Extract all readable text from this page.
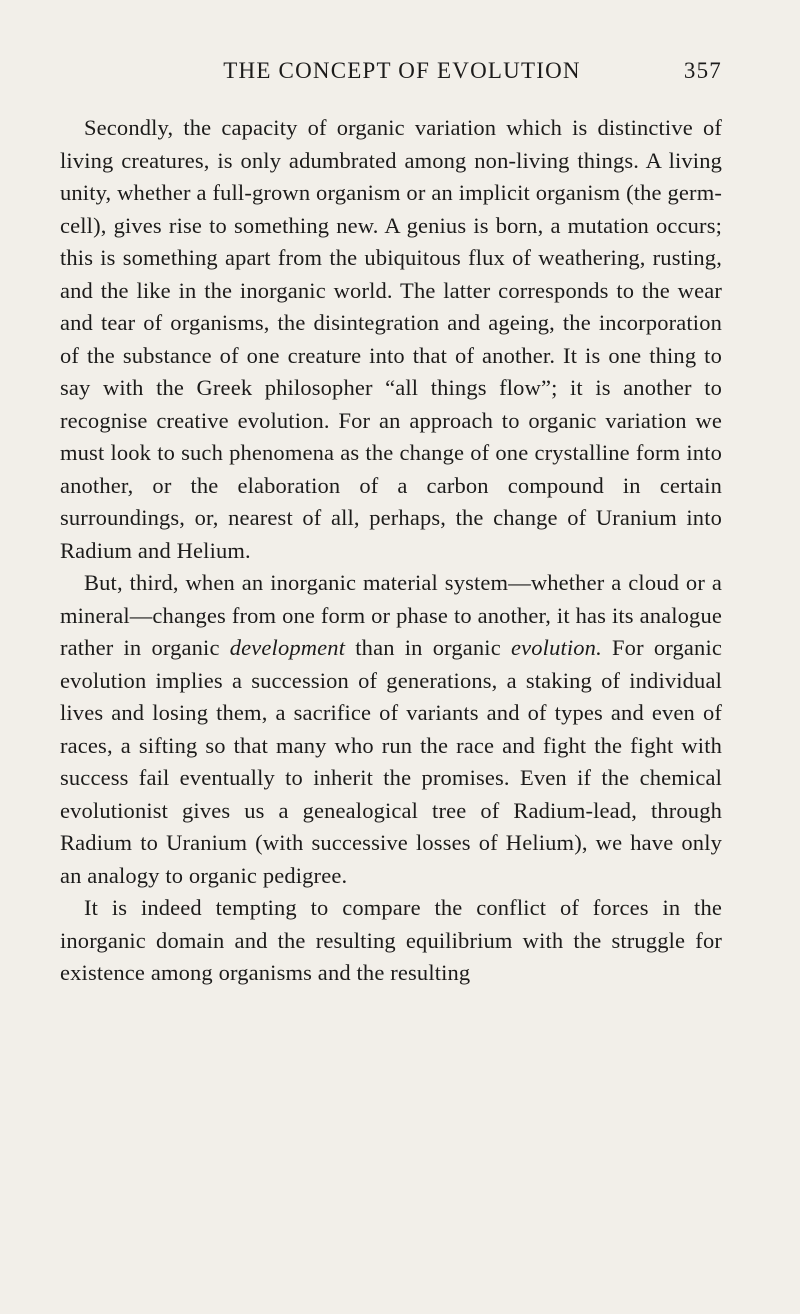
THE CONCEPT OF EVOLUTION	357

Secondly, the capacity of organic variation which is distinctive of living creatures, is only adumbrated among non-living things. A living unity, whether a full-grown organism or an implicit organism (the germ-cell), gives rise to something new. A genius is born, a mutation occurs; this is something apart from the ubiquitous flux of weathering, rusting, and the like in the inorganic world. The latter corresponds to the wear and tear of organisms, the disintegration and ageing, the incorporation of the substance of one creature into that of another. It is one thing to say with the Greek philosopher “all things flow”; it is another to recognise creative evolution. For an approach to organic variation we must look to such phenomena as the change of one crystalline form into another, or the elaboration of a carbon compound in certain surroundings, or, nearest of all, perhaps, the change of Uranium into Radium and Helium.

But, third, when an inorganic material system—whether a cloud or a mineral—changes from one form or phase to another, it has its analogue rather in organic development than in organic evolution. For organic evolution implies a succession of generations, a staking of individual lives and losing them, a sacrifice of variants and of types and even of races, a sifting so that many who run the race and fight the fight with success fail eventually to inherit the promises. Even if the chemical evolutionist gives us a genealogical tree of Radium-lead, through Radium to Uranium (with successive losses of Helium), we have only an analogy to organic pedigree.

It is indeed tempting to compare the conflict of forces in the inorganic domain and the resulting equilibrium with the struggle for existence among organisms and the resulting
